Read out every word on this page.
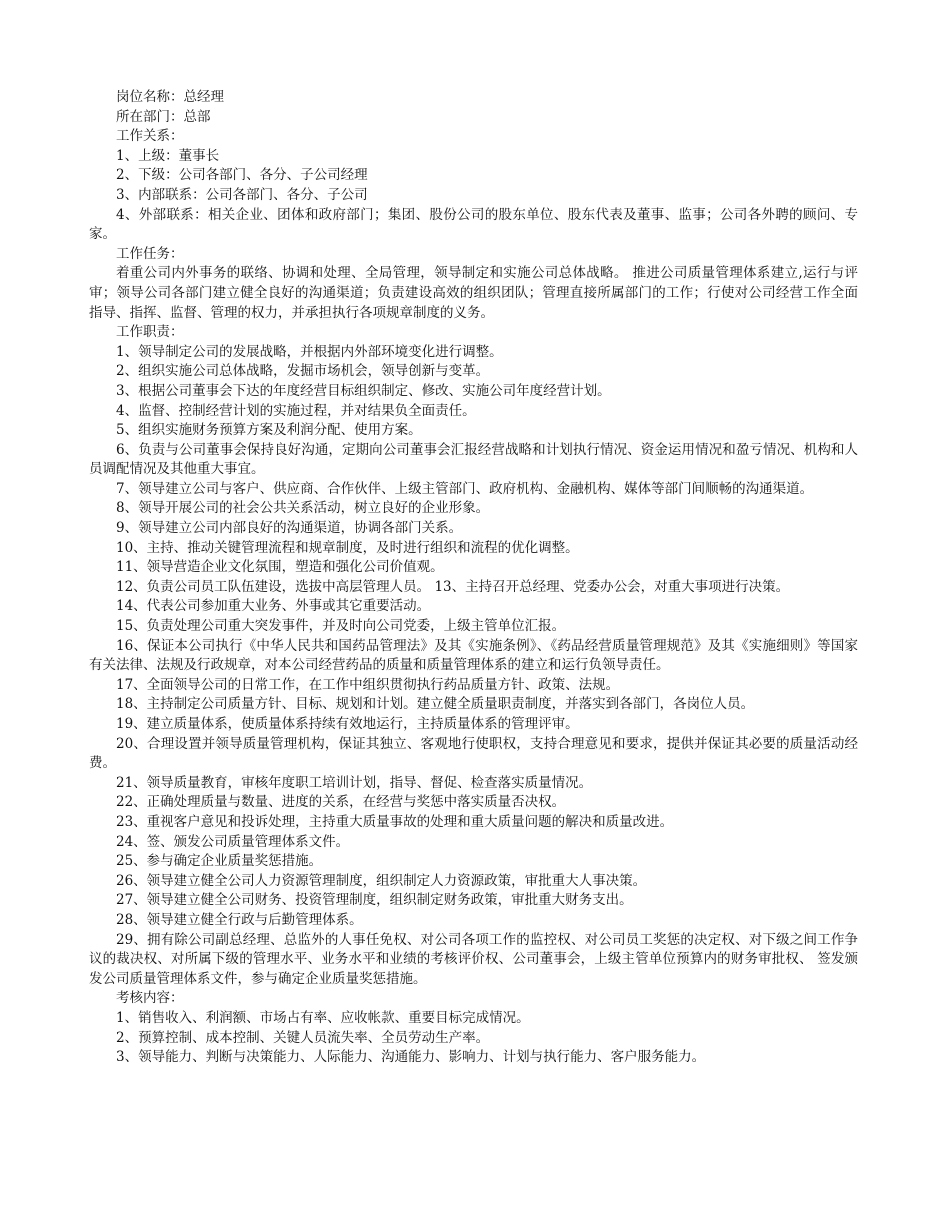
岗位名称：总经理

所在部门：总部

工作关系：

1、上级：董事长

2、下级：公司各部门、各分、子公司经理

3、内部联系：公司各部门、各分、子公司

4、外部联系：相关企业、团体和政府部门；集团、股份公司的股东单位、股东代表及董事、监事；公司各外聘的顾问、专家。

工作任务：

着重公司内外事务的联络、协调和处理、全局管理，领导制定和实施公司总体战略。 推进公司质量管理体系建立,运行与评审；领导公司各部门建立健全良好的沟通渠道；负责建设高效的组织团队；管理直接所属部门的工作；行使对公司经营工作全面指导、指挥、监督、管理的权力，并承担执行各项规章制度的义务。

工作职责：

1、领导制定公司的发展战略，并根据内外部环境变化进行调整。

2、组织实施公司总体战略，发掘市场机会，领导创新与变革。

3、根据公司董事会下达的年度经营目标组织制定、修改、实施公司年度经营计划。

4、监督、控制经营计划的实施过程，并对结果负全面责任。

5、组织实施财务预算方案及利润分配、使用方案。

6、负责与公司董事会保持良好沟通，定期向公司董事会汇报经营战略和计划执行情况、资金运用情况和盈亏情况、机构和人员调配情况及其他重大事宜。

7、领导建立公司与客户、供应商、合作伙伴、上级主管部门、政府机构、金融机构、媒体等部门间顺畅的沟通渠道。

8、领导开展公司的社会公共关系活动，树立良好的企业形象。

9、领导建立公司内部良好的沟通渠道，协调各部门关系。

10、主持、推动关键管理流程和规章制度，及时进行组织和流程的优化调整。

11、领导营造企业文化氛围，塑造和强化公司价值观。

12、负责公司员工队伍建设，选拔中高层管理人员。 13、主持召开总经理、党委办公会，对重大事项进行决策。

14、代表公司参加重大业务、外事或其它重要活动。

15、负责处理公司重大突发事件，并及时向公司党委，上级主管单位汇报。

16、保证本公司执行《中华人民共和国药品管理法》及其《实施条例》、《药品经营质量管理规范》及其《实施细则》等国家有关法律、法规及行政规章，对本公司经营药品的质量和质量管理体系的建立和运行负领导责任。

17、全面领导公司的日常工作，在工作中组织贯彻执行药品质量方针、政策、法规。

18、主持制定公司质量方针、目标、规划和计划。建立健全质量职责制度，并落实到各部门，各岗位人员。

19、建立质量体系，使质量体系持续有效地运行，主持质量体系的管理评审。

20、合理设置并领导质量管理机构，保证其独立、客观地行使职权，支持合理意见和要求，提供并保证其必要的质量活动经费。

21、领导质量教育，审核年度职工培训计划，指导、督促、检查落实质量情况。

22、正确处理质量与数量、进度的关系，在经营与奖惩中落实质量否决权。

23、重视客户意见和投诉处理，主持重大质量事故的处理和重大质量问题的解决和质量改进。

24、签、颁发公司质量管理体系文件。

25、参与确定企业质量奖惩措施。

26、领导建立健全公司人力资源管理制度，组织制定人力资源政策，审批重大人事决策。

27、领导建立健全公司财务、投资管理制度，组织制定财务政策，审批重大财务支出。

28、领导建立健全行政与后勤管理体系。

29、拥有除公司副总经理、总监外的人事任免权、对公司各项工作的监控权、对公司员工奖惩的决定权、对下级之间工作争议的裁决权、对所属下级的管理水平、业务水平和业绩的考核评价权、公司董事会，上级主管单位预算内的财务审批权、 签发颁发公司质量管理体系文件，参与确定企业质量奖惩措施。

考核内容：

1、销售收入、利润额、市场占有率、应收帐款、重要目标完成情况。

2、预算控制、成本控制、关键人员流失率、全员劳动生产率。

3、领导能力、判断与决策能力、人际能力、沟通能力、影响力、计划与执行能力、客户服务能力。
